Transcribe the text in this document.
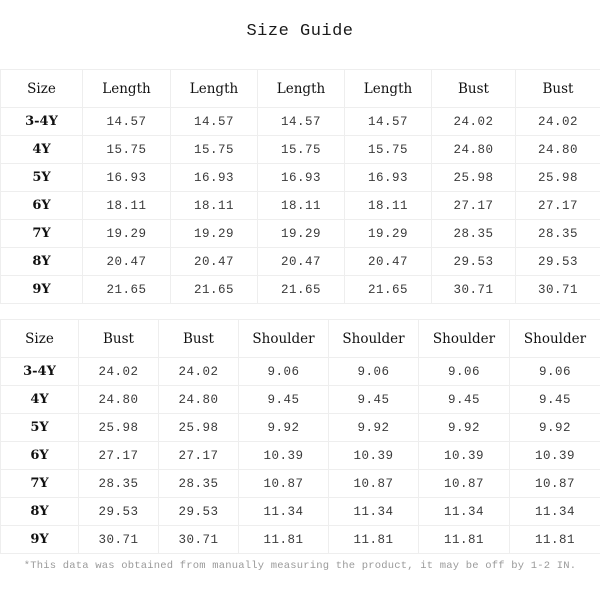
Size Guide
Size	Length	Length	Length	Length	Bust	Bust
3-4Y	14.57	14.57	14.57	14.57	24.02	24.02
4Y	15.75	15.75	15.75	15.75	24.80	24.80
5Y	16.93	16.93	16.93	16.93	25.98	25.98
6Y	18.11	18.11	18.11	18.11	27.17	27.17
7Y	19.29	19.29	19.29	19.29	28.35	28.35
8Y	20.47	20.47	20.47	20.47	29.53	29.53
9Y	21.65	21.65	21.65	21.65	30.71	30.71
Size	Bust	Bust	Shoulder	Shoulder	Shoulder	Shoulder
3-4Y	24.02	24.02	9.06	9.06	9.06	9.06
4Y	24.80	24.80	9.45	9.45	9.45	9.45
5Y	25.98	25.98	9.92	9.92	9.92	9.92
6Y	27.17	27.17	10.39	10.39	10.39	10.39
7Y	28.35	28.35	10.87	10.87	10.87	10.87
8Y	29.53	29.53	11.34	11.34	11.34	11.34
9Y	30.71	30.71	11.81	11.81	11.81	11.81
*This data was obtained from manually measuring the product, it may be off by 1-2 IN.
